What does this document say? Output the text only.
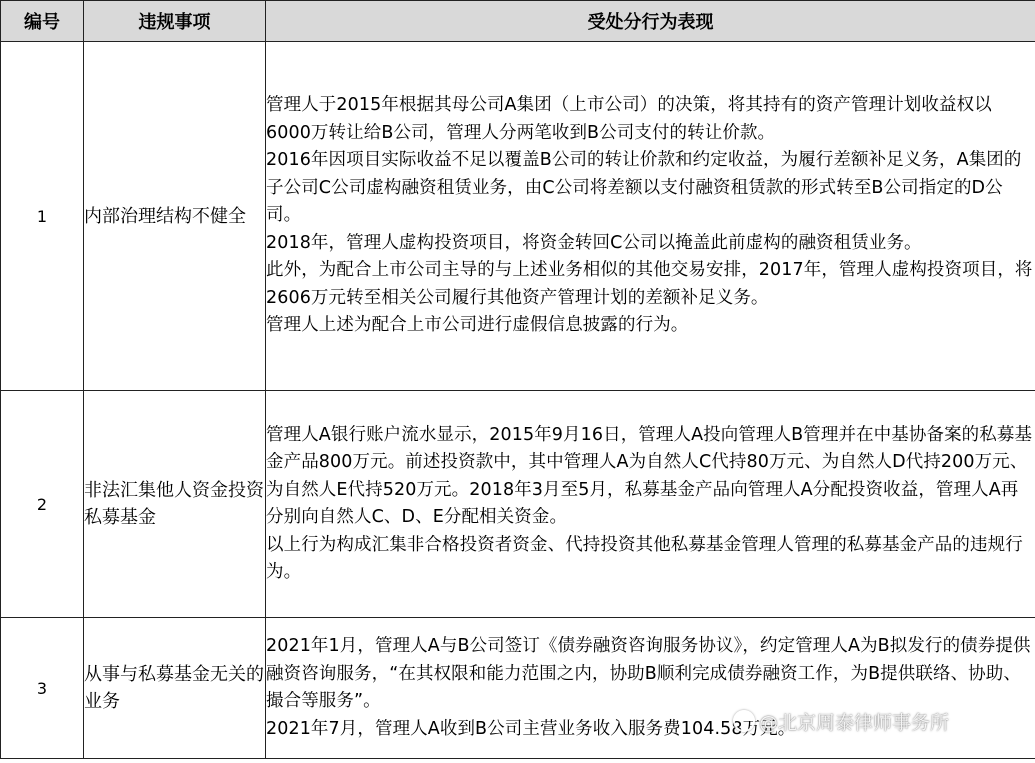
编号	违规事项	受处分行为表现
1	内部治理结构不健全	管理人于2015年根据其母公司A集团（上市公司）的决策，将其持有的资产管理计划收益权以6000万转让给B公司，管理人分两笔收到B公司支付的转让价款。

2016年因项目实际收益不足以覆盖B公司的转让价款和约定收益，为履行差额补足义务，A集团的子公司C公司虚构融资租赁业务，由C公司将差额以支付融资租赁款的形式转至B公司指定的D公司。

2018年，管理人虚构投资项目，将资金转回C公司以掩盖此前虚构的融资租赁业务。

此外，为配合上市公司主导的与上述业务相似的其他交易安排，2017年，管理人虚构投资项目，将2606万元转至相关公司履行其他资产管理计划的差额补足义务。

管理人上述为配合上市公司进行虚假信息披露的行为。

2	非法汇集他人资金投资私募基金	管理人A银行账户流水显示，2015年9月16日，管理人A投向管理人B管理并在中基协备案的私募基金产品800万元。前述投资款中，其中管理人A为自然人C代持80万元、为自然人D代持200万元、为自然人E代持520万元。2018年3月至5月，私募基金产品向管理人A分配投资收益，管理人A再分别向自然人C、D、E分配相关资金。

以上行为构成汇集非合格投资者资金、代持投资其他私募基金管理人管理的私募基金产品的违规行为。

3	从事与私募基金无关的业务	2021年1月，管理人A与B公司签订《债券融资咨询服务协议》，约定管理人A为B拟发行的债券提供融资咨询服务，“在其权限和能力范围之内，协助B顺利完成债券融资工作，为B提供联络、协助、撮合等服务”。

2021年7月，管理人A收到B公司主营业务收入服务费104.58万元。

@北京周泰律师事务所
